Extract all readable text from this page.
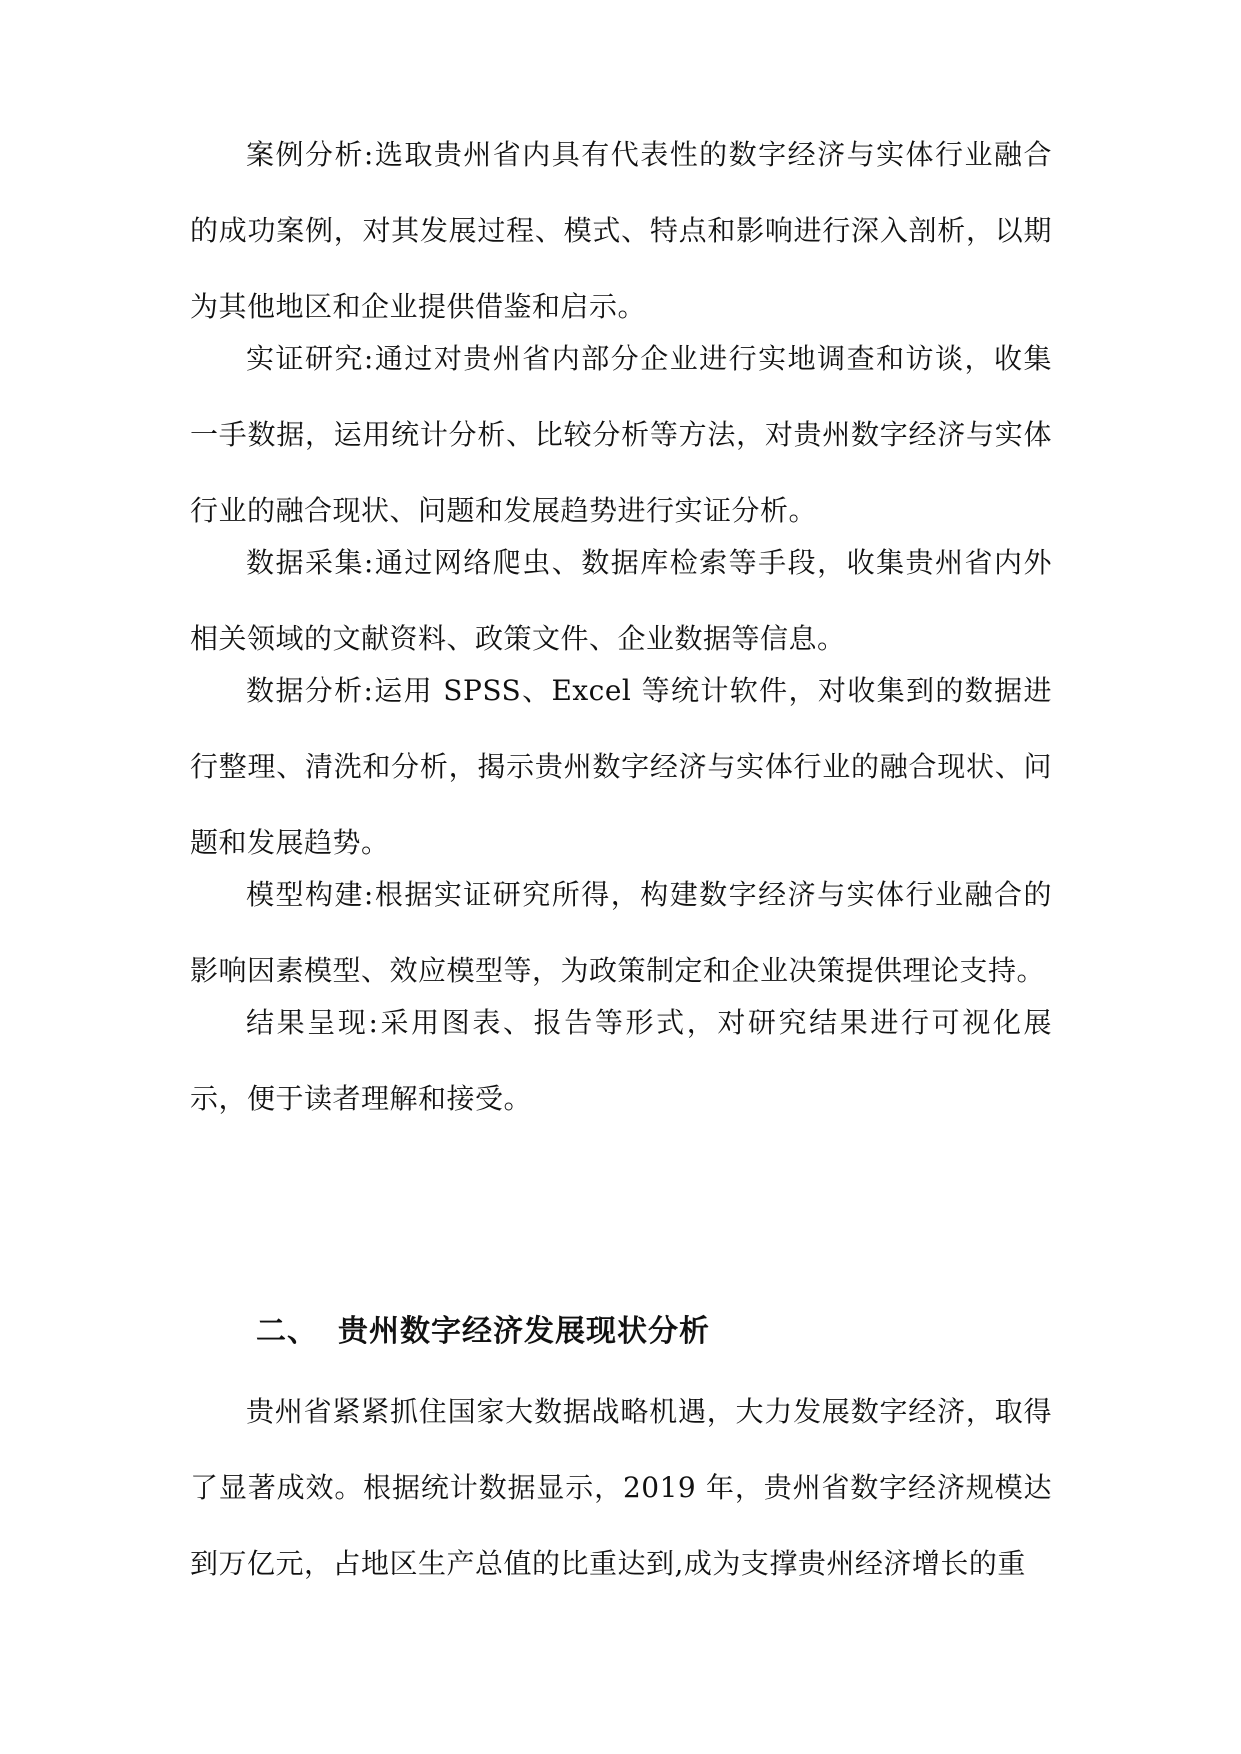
案例分析:选取贵州省内具有代表性的数字经济与实体行业融合的成功案例，对其发展过程、模式、特点和影响进行深入剖析，以期为其他地区和企业提供借鉴和启示。

实证研究:通过对贵州省内部分企业进行实地调查和访谈，收集一手数据，运用统计分析、比较分析等方法，对贵州数字经济与实体行业的融合现状、问题和发展趋势进行实证分析。

数据采集:通过网络爬虫、数据库检索等手段，收集贵州省内外相关领域的文献资料、政策文件、企业数据等信息。

数据分析:运用 SPSS、Excel 等统计软件，对收集到的数据进行整理、清洗和分析，揭示贵州数字经济与实体行业的融合现状、问题和发展趋势。

模型构建:根据实证研究所得，构建数字经济与实体行业融合的影响因素模型、效应模型等，为政策制定和企业决策提供理论支持。

结果呈现:采用图表、报告等形式，对研究结果进行可视化展示，便于读者理解和接受。

二、 贵州数字经济发展现状分析

贵州省紧紧抓住国家大数据战略机遇，大力发展数字经济，取得了显著成效。根据统计数据显示，2019 年，贵州省数字经济规模达到万亿元，占地区生产总值的比重达到,成为支撑贵州经济增长的重
